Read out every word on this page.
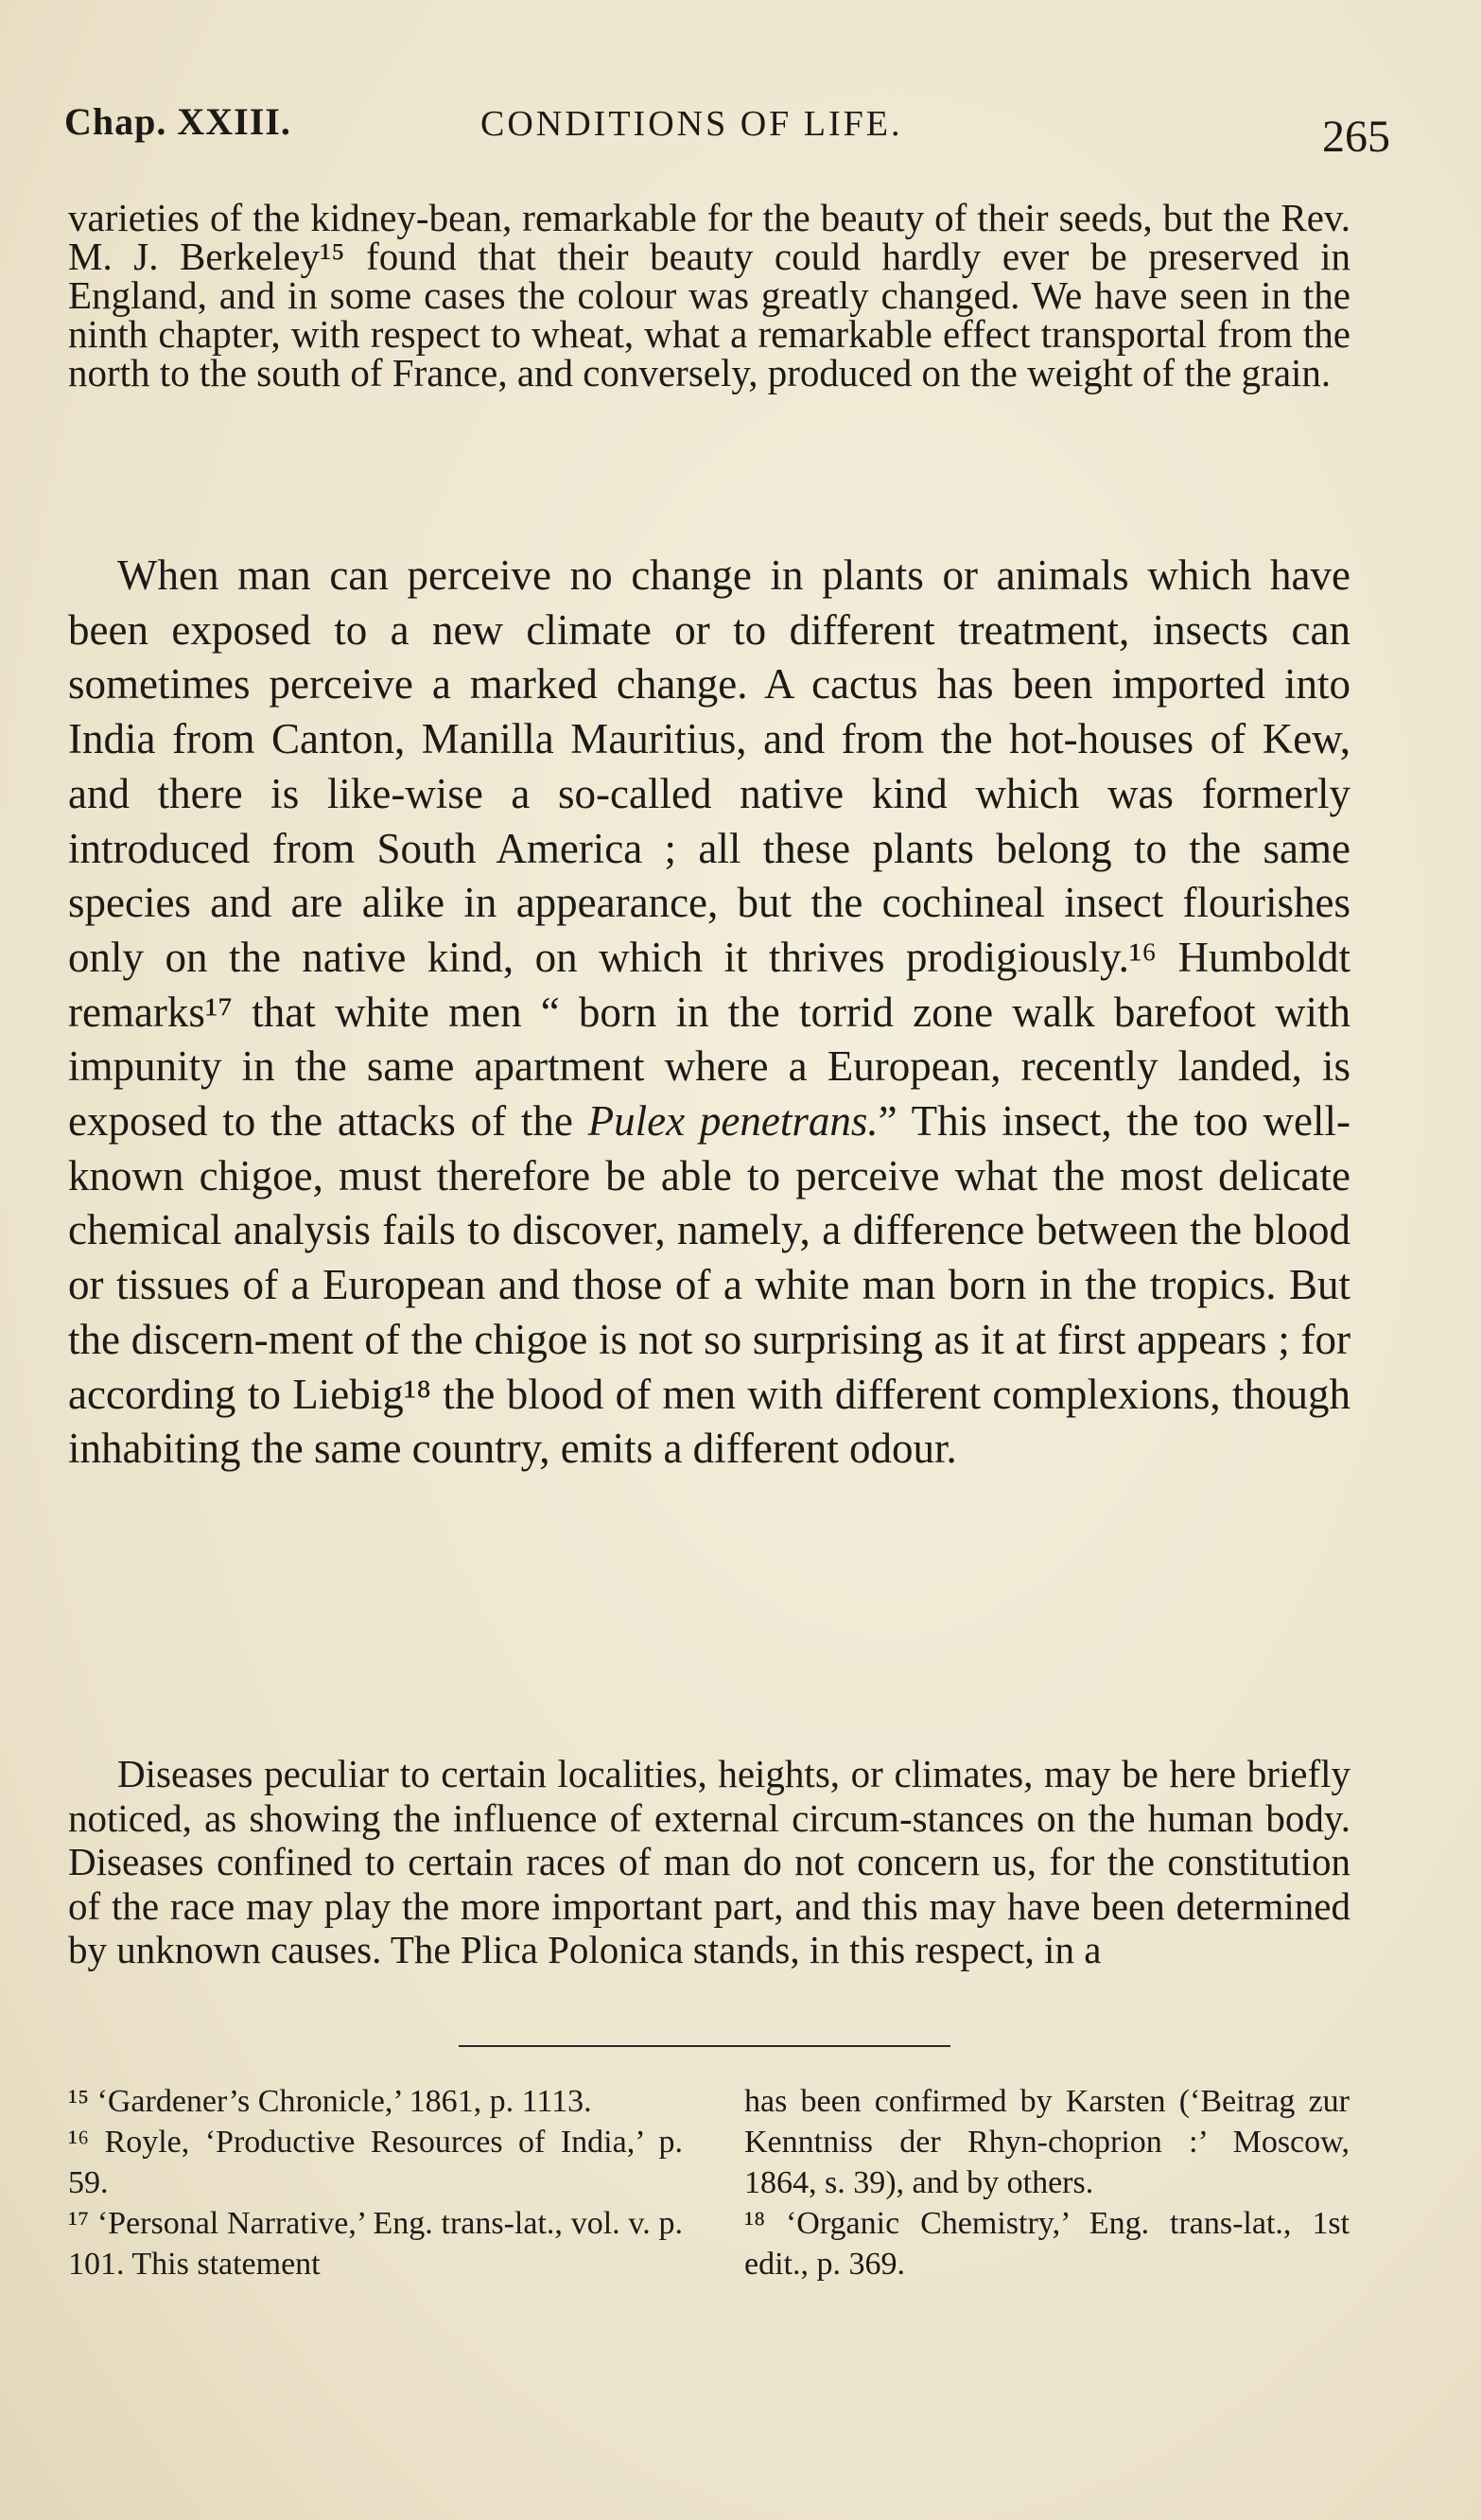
Chap. XXIII.	CONDITIONS OF LIFE.	265

varieties of the kidney-bean, remarkable for the beauty of their seeds, but the Rev. M. J. Berkeley¹⁵ found that their beauty could hardly ever be preserved in England, and in some cases the colour was greatly changed. We have seen in the ninth chapter, with respect to wheat, what a remarkable effect transportal from the north to the south of France, and conversely, produced on the weight of the grain.

When man can perceive no change in plants or animals which have been exposed to a new climate or to different treatment, insects can sometimes perceive a marked change. A cactus has been imported into India from Canton, Manilla Mauritius, and from the hot-houses of Kew, and there is like-wise a so-called native kind which was formerly introduced from South America ; all these plants belong to the same species and are alike in appearance, but the cochineal insect flourishes only on the native kind, on which it thrives prodigiously.¹⁶ Humboldt remarks¹⁷ that white men “ born in the torrid zone walk barefoot with impunity in the same apartment where a European, recently landed, is exposed to the attacks of the Pulex penetrans.” This insect, the too well-known chigoe, must therefore be able to perceive what the most delicate chemical analysis fails to discover, namely, a difference between the blood or tissues of a European and those of a white man born in the tropics. But the discern-ment of the chigoe is not so surprising as it at first appears ; for according to Liebig¹⁸ the blood of men with different complexions, though inhabiting the same country, emits a different odour.

Diseases peculiar to certain localities, heights, or climates, may be here briefly noticed, as showing the influence of external circum-stances on the human body. Diseases confined to certain races of man do not concern us, for the constitution of the race may play the more important part, and this may have been determined by unknown causes. The Plica Polonica stands, in this respect, in a

¹⁵ ‘Gardener’s Chronicle,’ 1861, p. 1113.

¹⁶ Royle, ‘Productive Resources of India,’ p. 59.

¹⁷ ‘Personal Narrative,’ Eng. trans-lat., vol. v. p. 101. This statement

has been confirmed by Karsten (‘Beitrag zur Kenntniss der Rhyn-choprion :’ Moscow, 1864, s. 39), and by others.

¹⁸ ‘Organic Chemistry,’ Eng. trans-lat., 1st edit., p. 369.
